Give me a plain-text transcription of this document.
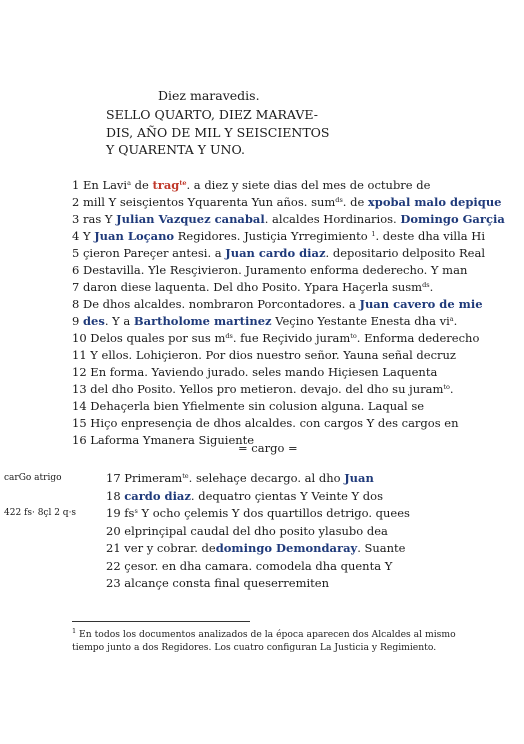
Diez maravedis.
SELLO QUARTO, DIEZ MARAVE-
DIS, AÑO DE MIL Y SEISCIENTOS
Y QUARENTA Y UNO.
1 En Lavi$^a$ de trag$^{te}$. a diez y siete dias del mes de octubre de
2 mill Y seisçientos Yquarenta Yun años. sum$^{ds}$. de xpobal malo depique
3 ras Y Julian Vazquez canabal. alcaldes Hordinarios. Domingo Garçia
4 Y Juan Loçano Regidores. Justiçia Yrregimiento $^1$. deste dha villa Hi
5 çieron Pareçer antesi. a Juan cardo diaz. depositario delposito Real
6 Destavilla. Yle Resçivieron. Juramento enforma dederecho. Y man
7 daron diese laquenta. Del dho Posito. Ypara Haçerla susm$^{ds}$.
8 De dhos alcaldes. nombraron Porcontadores. a Juan cavero de mie
9 des. Y a Bartholome martinez Veçino Yestante Enesta dha $vi^a$.
10 Delos quales por sus $m^{ds}$. fue Reçivido juram$^{to}$. Enforma dederecho
11 Y ellos. Lohiçieron. Por dios nuestro señor. Yauna señal decruz
12 En forma. Yaviendo jurado. seles mando Hiçiesen Laquenta
13 del dho Posito. Yellos pro metieron. devajo. del dho su juram$^{to}$.
14 Dehaçerla bien Yfielmente sin colusion alguna. Laqual se
15 Hiço enpresençia de dhos alcaldes. con cargos Y des cargos en
16 Laforma Ymanera Siguiente
= cargo =
17 Primeram$^{te}$. selehaçe decargo. al dho Juan
carGo atrigo
18 cardo diaz. dequatro çientas Y Veinte Y dos
19 $fs^s$ Y ocho çelemis Y dos quartillos detrigo. quees
422 fs· 8çl 2 q·s
20 elprinçipal caudal del dho posito ylasubo dea
21 ver y cobrar. dedomingo Demondaray. Suante
22 çesor. en dha camara. comodela dha quenta Y
23 alcançe consta final queserremiten
$^1$ En todos los documentos analizados de la época aparecen dos Alcaldes al mismo tiempo junto a dos Regidores. Los cuatro configuran La Justicia y Regimiento.
